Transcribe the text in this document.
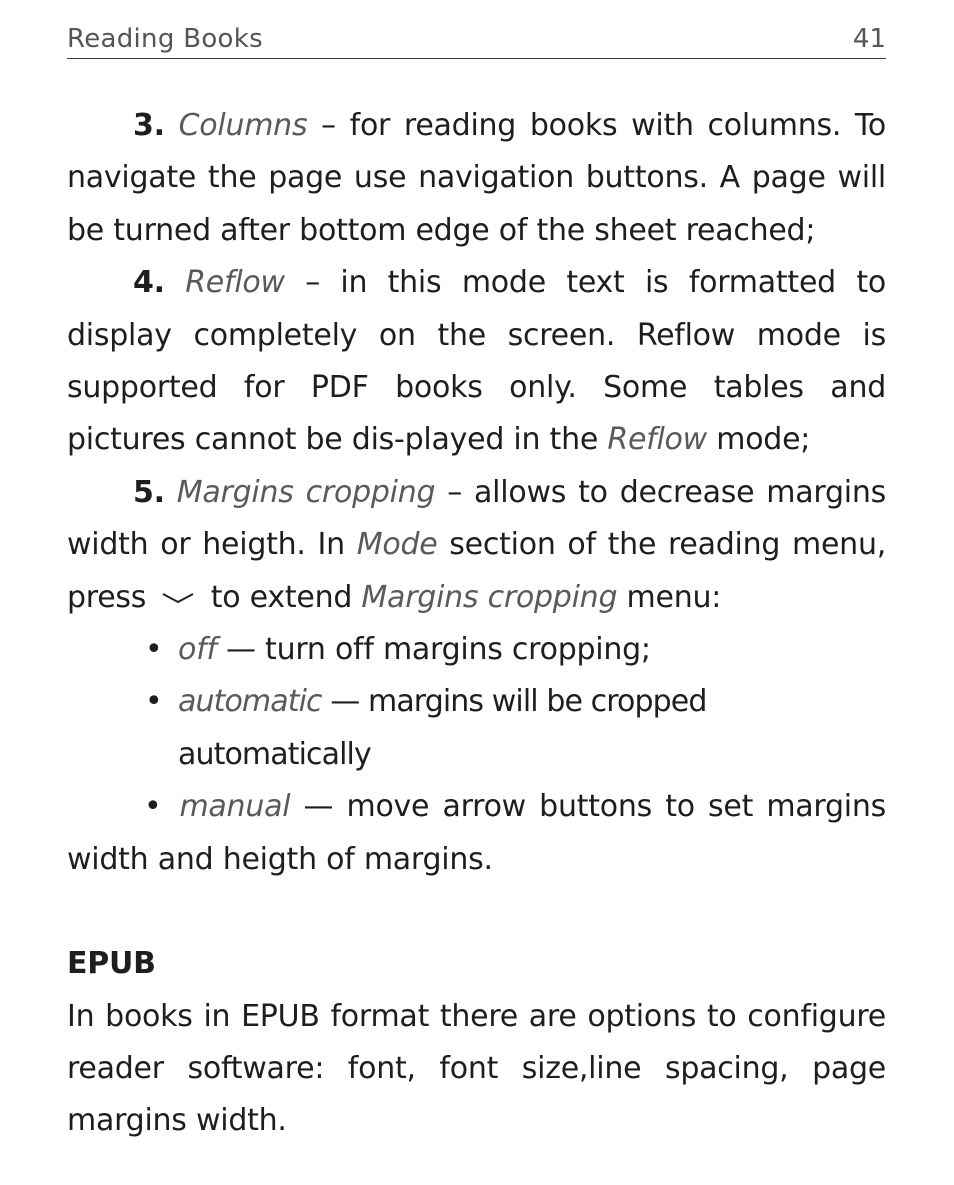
Reading Books	41

3. Columns – for reading books with columns. To navigate the page use navigation buttons. A page will be turned after bottom edge of the sheet reached;

4. Reflow – in this mode text is formatted to display completely on the screen. Reflow mode is supported for PDF books only. Some tables and pictures cannot be dis-played in the Reflow mode;

5. Margins cropping – allows to decrease margins width or heigth. In Mode section of the reading menu, press
to extend Margins cropping menu:

• off — turn off margins cropping;

• automatic — margins will be cropped automatically

• manual — move arrow buttons to set margins width and heigth of margins.

EPUB

In books in EPUB format there are options to configure reader software: font, font size,line spacing, page margins width.
